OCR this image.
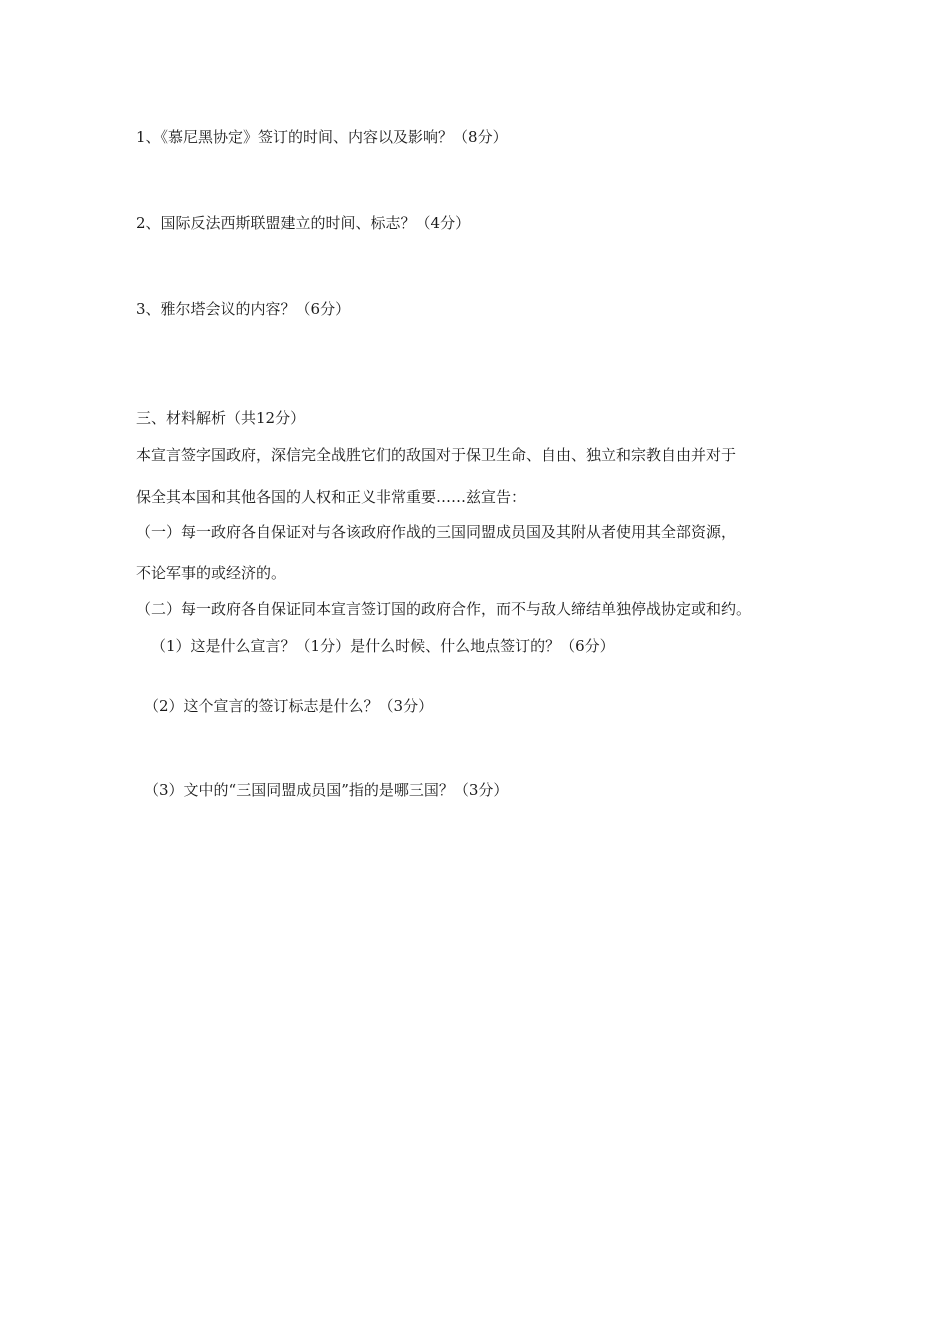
1、《慕尼黑协定》签订的时间、内容以及影响？（8分）
2、国际反法西斯联盟建立的时间、标志？（4分）
3、雅尔塔会议的内容？（6分）
三、材料解析（共12分）
本宣言签字国政府，深信完全战胜它们的敌国对于保卫生命、自由、独立和宗教自由并对于
保全其本国和其他各国的人权和正义非常重要……兹宣告：
（一）每一政府各自保证对与各该政府作战的三国同盟成员国及其附从者使用其全部资源，
不论军事的或经济的。
（二）每一政府各自保证同本宣言签订国的政府合作，而不与敌人缔结单独停战协定或和约。
（1）这是什么宣言？（1分）是什么时候、什么地点签订的？（6分）
（2）这个宣言的签订标志是什么？（3分）
（3）文中的“三国同盟成员国”指的是哪三国？（3分）
